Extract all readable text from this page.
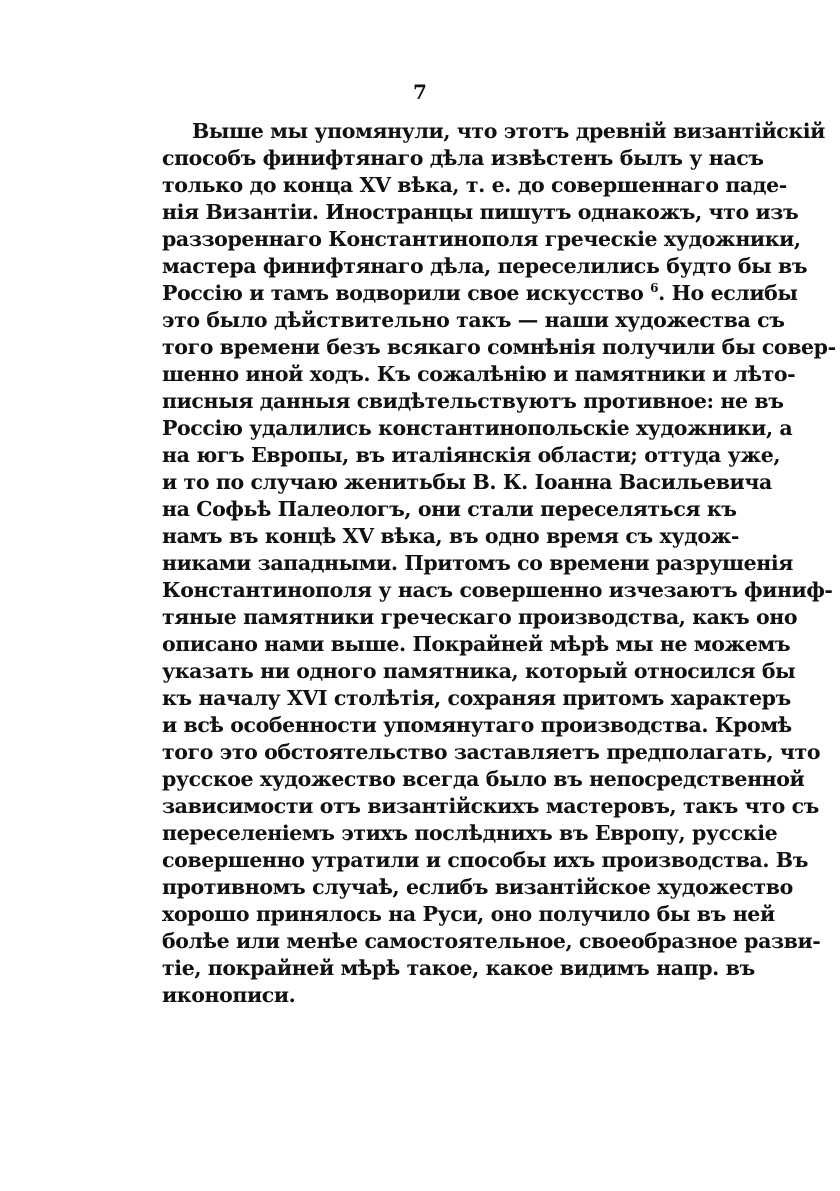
7
Выше мы упомянули, что этотъ древній византійскій
способъ финифтянаго дѣла извѣстенъ былъ у насъ
только до конца XV вѣка, т. е. до совершеннаго паде-
нія Византіи. Иностранцы пишутъ однакожъ, что изъ
раззореннаго Константинополя греческіе художники,
мастера финифтянаго дѣла, переселились будто бы въ
Россію и тамъ водворили свое искусство $^6$. Но еслибы
это было дѣйствительно такъ — наши художества съ
того времени безъ всякаго сомнѣнія получили бы совер-
шенно иной ходъ. Къ сожалѣнію и памятники и лѣто-
писныя данныя свидѣтельствуютъ противное: не въ
Россію удалились константинопольскіе художники, а
на югъ Европы, въ италіянскія области; оттуда уже,
и то по случаю женитьбы В. К. Іоанна Васильевича
на Софьѣ Палеологъ, они стали переселяться къ
намъ въ концѣ XV вѣка, въ одно время съ худож-
никами западными. Притомъ со времени разрушенія
Константинополя у насъ совершенно изчезаютъ финиф-
тяные памятники греческаго производства, какъ оно
описано нами выше. Покрайней мѣрѣ мы не можемъ
указать ни одного памятника, который относился бы
къ началу XVI столѣтія, сохраняя притомъ характеръ
и всѣ особенности упомянутаго производства. Кромѣ
того это обстоятельство заставляетъ предполагать, что
русское художество всегда было въ непосредственной
зависимости отъ византійскихъ мастеровъ, такъ что съ
переселеніемъ этихъ послѣднихъ въ Европу, русскіе
совершенно утратили и способы ихъ производства. Въ
противномъ случаѣ, еслибъ византійское художество
хорошо принялось на Руси, оно получило бы въ ней
болѣе или менѣе самостоятельное, своеобразное разви-
тіе, покрайней мѣрѣ такое, какое видимъ напр. въ
иконописи.
